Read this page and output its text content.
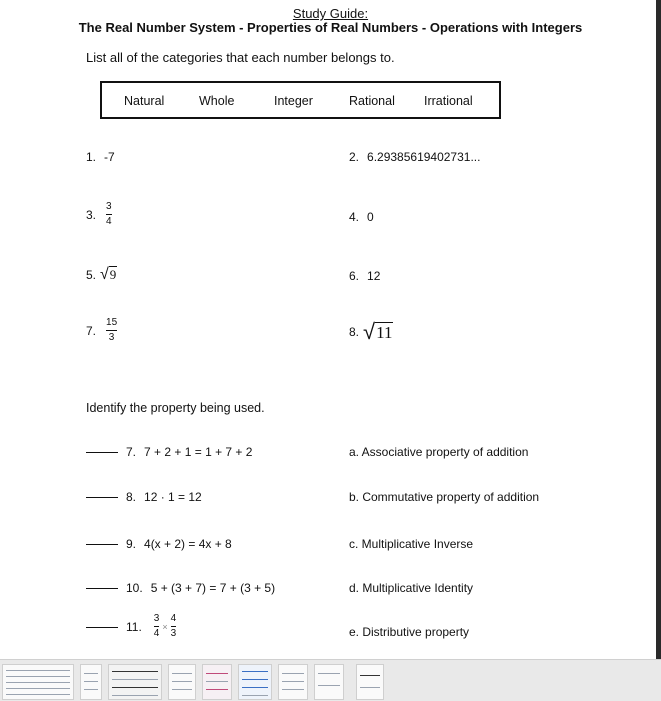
Study Guide:
The Real Number System - Properties of Real Numbers - Operations with Integers
List all of the categories that each number belongs to.
Natural	Whole	Integer	Rational Irrational
1. -7	2. 6.29385619402731...
3. $\frac{3}{4}$	4. 0
5. √ 9	6. 12
7. $\frac{15}{3}$	8. √ 11
Identify the property being used.
7. 7 + 2 + 1 = 1 + 7 + 2
8. 12 · 1 = 12
9. 4(x + 2) = 4x + 8
10. 5 + (3 + 7) = 7 + (3 + 5)
11. $\frac{3}{4} \times \frac{4}{3}$
a. Associative property of addition
b. Commutative property of addition
c. Multiplicative Inverse
d. Multiplicative Identity
e. Distributive property
